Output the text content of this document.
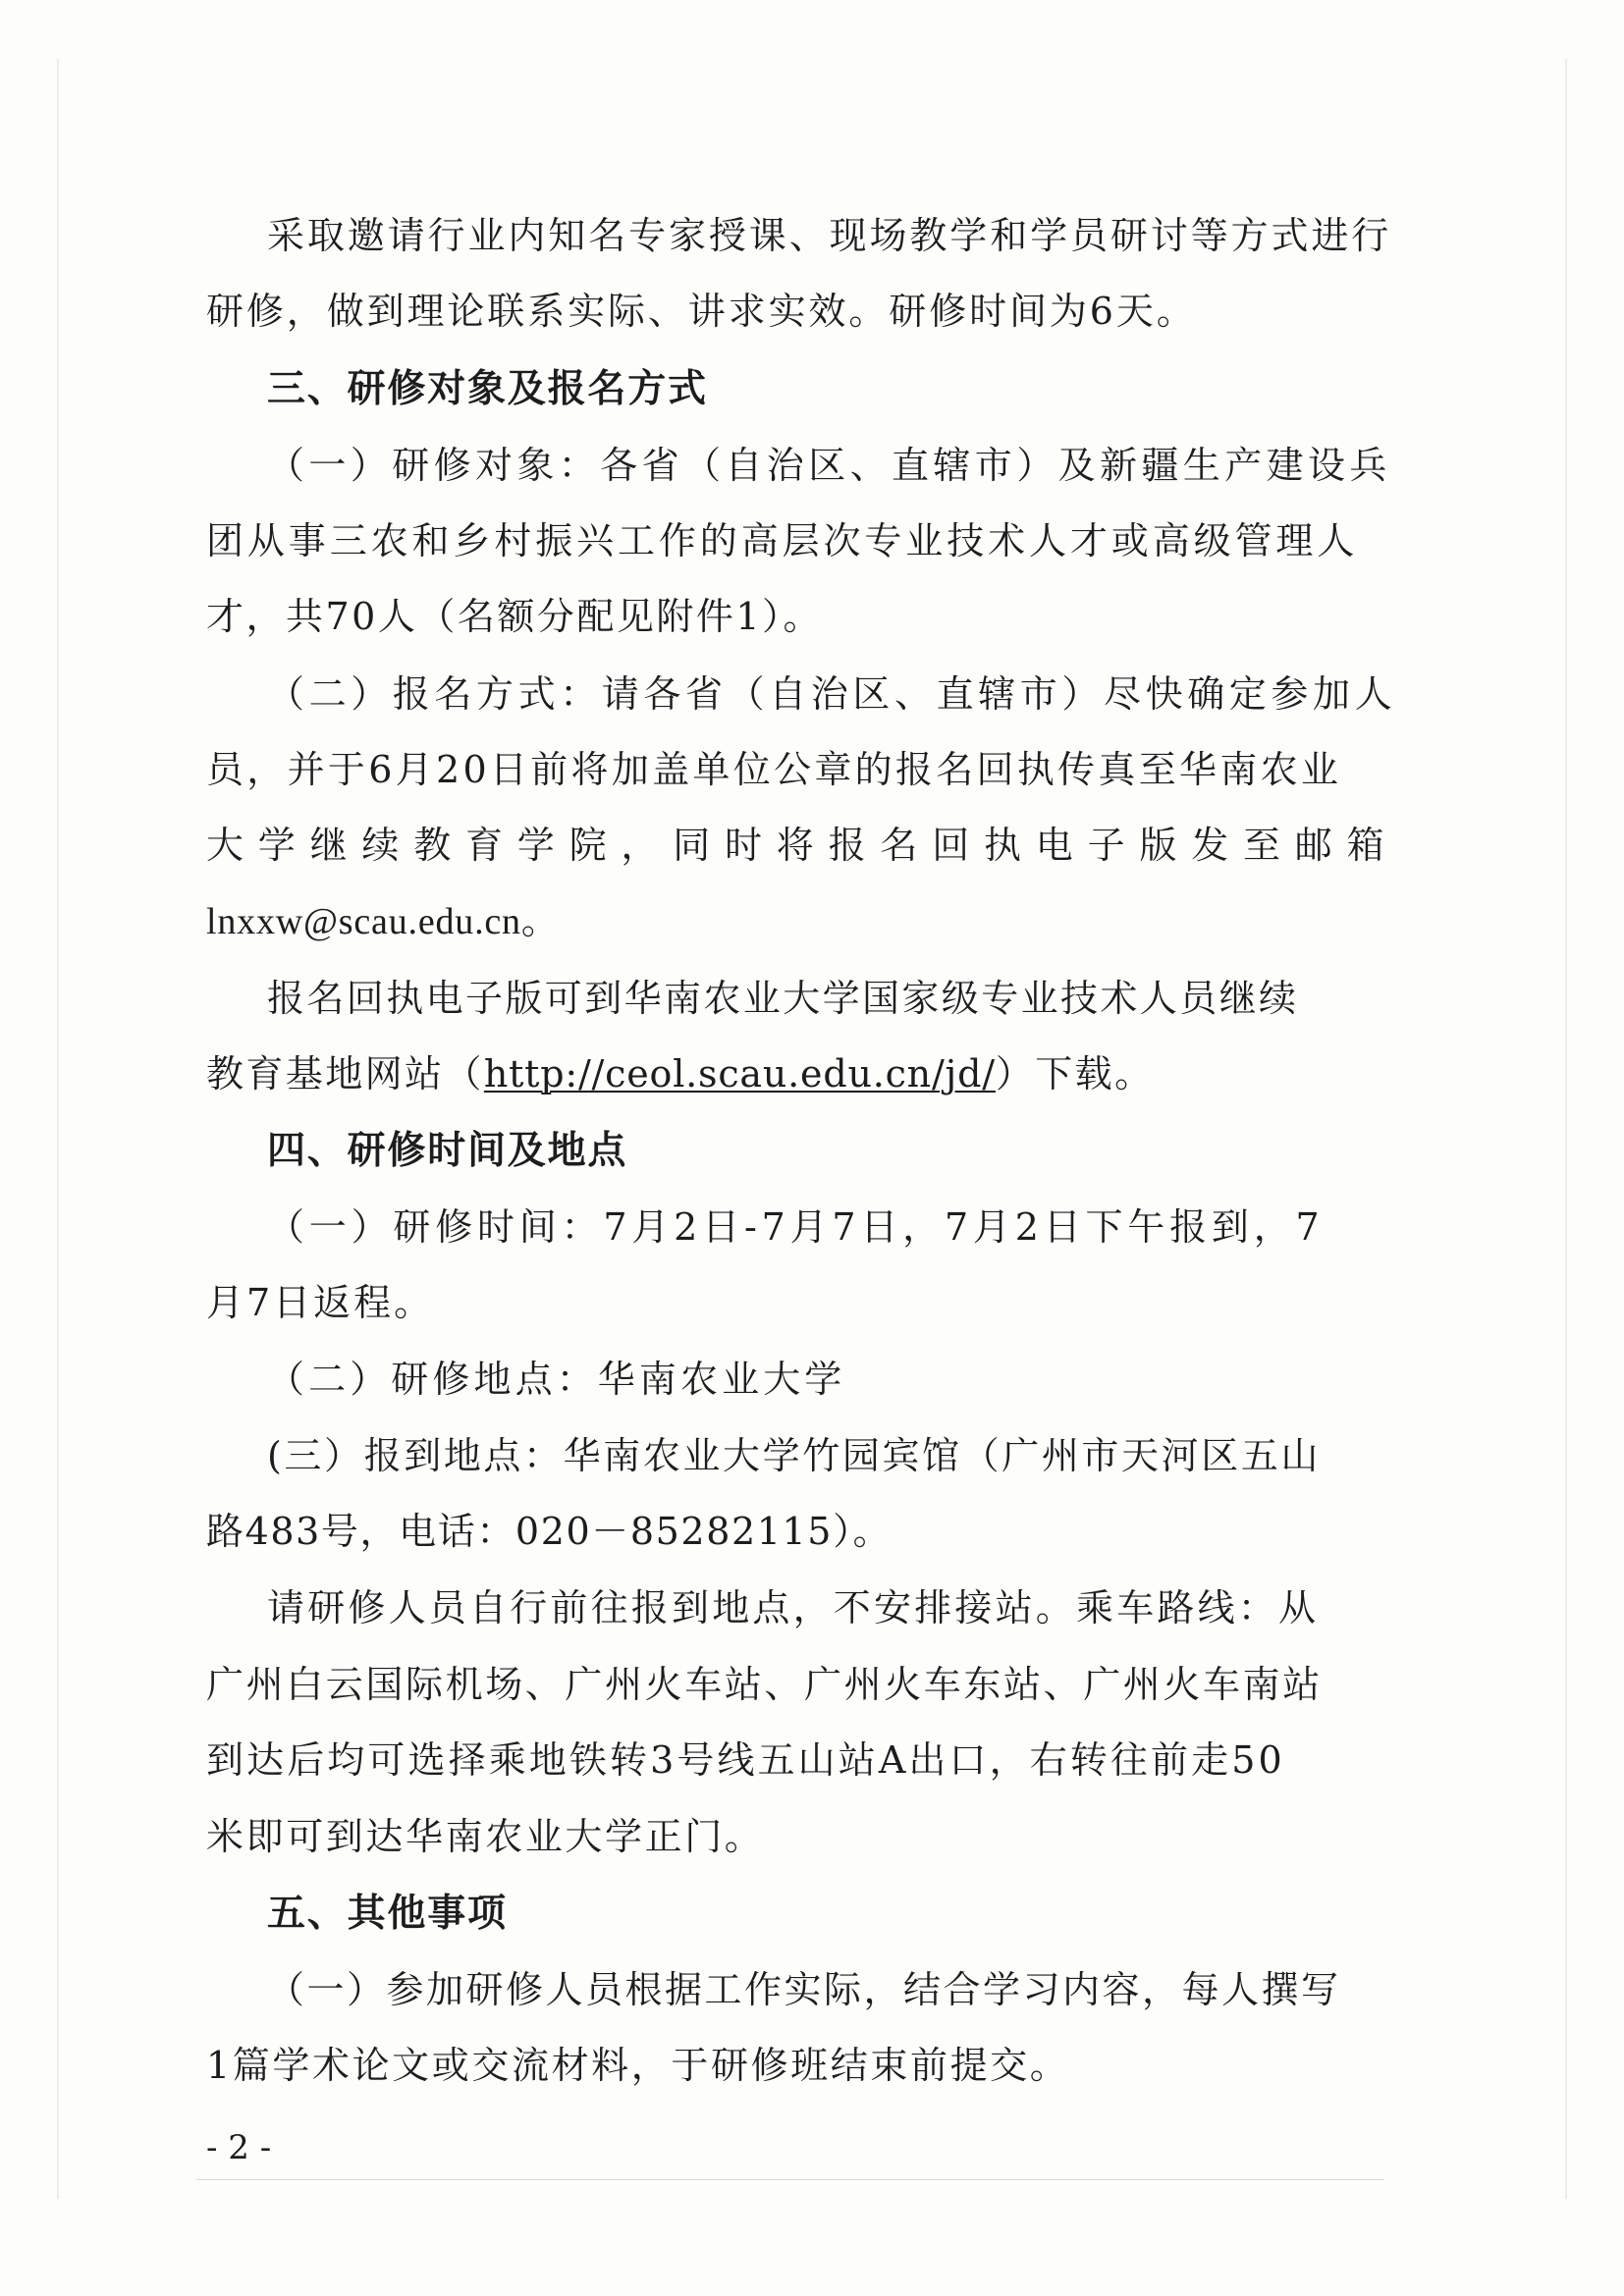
采取邀请行业内知名专家授课、现场教学和学员研讨等方式进行
研修，做到理论联系实际、讲求实效。研修时间为6天。
三、研修对象及报名方式
（一）研修对象：各省（自治区、直辖市）及新疆生产建设兵
团从事三农和乡村振兴工作的高层次专业技术人才或高级管理人
才，共70人（名额分配见附件1）。
（二）报名方式：请各省（自治区、直辖市）尽快确定参加人
员，并于6月20日前将加盖单位公章的报名回执传真至华南农业
大学继续教育学院，同时将报名回执电子版发至邮箱
lnxxw@scau.edu.cn。
报名回执电子版可到华南农业大学国家级专业技术人员继续
教育基地网站（http://ceol.scau.edu.cn/jd/）下载。
四、研修时间及地点
（一）研修时间：7月2日-7月7日，7月2日下午报到，7
月7日返程。
（二）研修地点：华南农业大学
(三）报到地点：华南农业大学竹园宾馆（广州市天河区五山
路483号，电话：020－85282115）。
请研修人员自行前往报到地点，不安排接站。乘车路线：从
广州白云国际机场、广州火车站、广州火车东站、广州火车南站
到达后均可选择乘地铁转3号线五山站A出口，右转往前走50
米即可到达华南农业大学正门。
五、其他事项
（一）参加研修人员根据工作实际，结合学习内容，每人撰写
1篇学术论文或交流材料，于研修班结束前提交。
- 2 -
